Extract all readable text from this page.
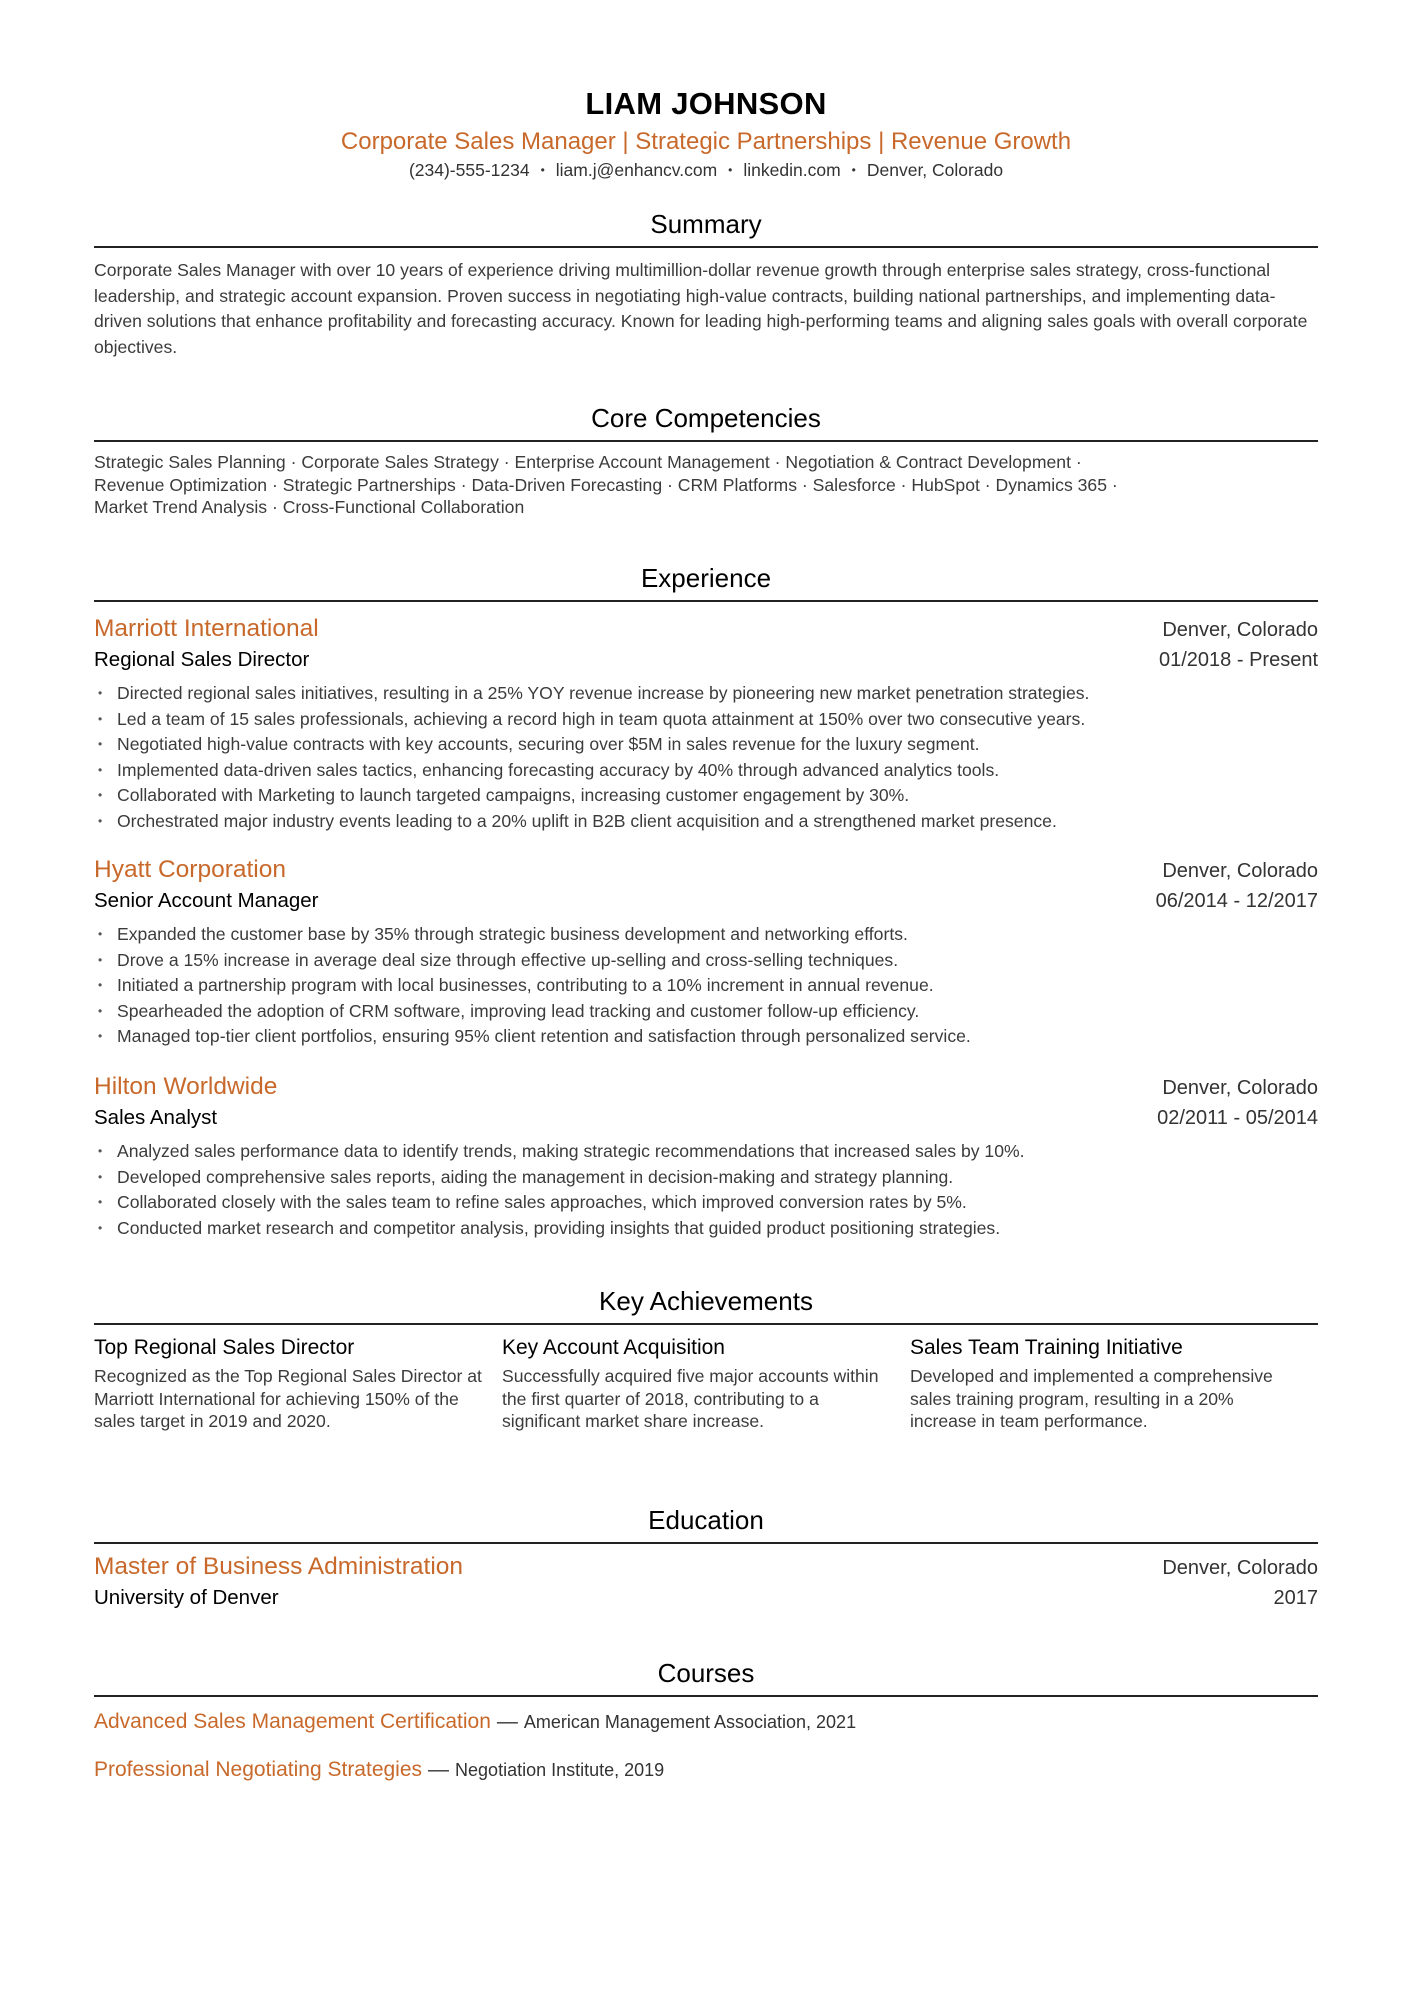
LIAM JOHNSON
Corporate Sales Manager | Strategic Partnerships | Revenue Growth
(234)-555-1234 • liam.j@enhancv.com • linkedin.com • Denver, Colorado
Summary
Corporate Sales Manager with over 10 years of experience driving multimillion-dollar revenue growth through enterprise sales strategy, cross-functional leadership, and strategic account expansion. Proven success in negotiating high-value contracts, building national partnerships, and implementing data-driven solutions that enhance profitability and forecasting accuracy. Known for leading high-performing teams and aligning sales goals with overall corporate objectives.
Core Competencies
Strategic Sales Planning · Corporate Sales Strategy · Enterprise Account Management · Negotiation & Contract Development ·
Revenue Optimization · Strategic Partnerships · Data-Driven Forecasting · CRM Platforms · Salesforce · HubSpot · Dynamics 365 ·
Market Trend Analysis · Cross-Functional Collaboration
Experience
Marriott International	Denver, Colorado
Regional Sales Director	01/2018 - Present
• Directed regional sales initiatives, resulting in a 25% YOY revenue increase by pioneering new market penetration strategies.
• Led a team of 15 sales professionals, achieving a record high in team quota attainment at 150% over two consecutive years.
• Negotiated high-value contracts with key accounts, securing over $5M in sales revenue for the luxury segment.
• Implemented data-driven sales tactics, enhancing forecasting accuracy by 40% through advanced analytics tools.
• Collaborated with Marketing to launch targeted campaigns, increasing customer engagement by 30%.
• Orchestrated major industry events leading to a 20% uplift in B2B client acquisition and a strengthened market presence.
Hyatt Corporation	Denver, Colorado
Senior Account Manager	06/2014 - 12/2017
• Expanded the customer base by 35% through strategic business development and networking efforts.
• Drove a 15% increase in average deal size through effective up-selling and cross-selling techniques.
• Initiated a partnership program with local businesses, contributing to a 10% increment in annual revenue.
• Spearheaded the adoption of CRM software, improving lead tracking and customer follow-up efficiency.
• Managed top-tier client portfolios, ensuring 95% client retention and satisfaction through personalized service.
Hilton Worldwide	Denver, Colorado
Sales Analyst	02/2011 - 05/2014
• Analyzed sales performance data to identify trends, making strategic recommendations that increased sales by 10%.
• Developed comprehensive sales reports, aiding the management in decision-making and strategy planning.
• Collaborated closely with the sales team to refine sales approaches, which improved conversion rates by 5%.
• Conducted market research and competitor analysis, providing insights that guided product positioning strategies.
Key Achievements
Top Regional Sales Director
Recognized as the Top Regional Sales Director at Marriott International for achieving 150% of the sales target in 2019 and 2020.
Key Account Acquisition
Successfully acquired five major accounts within the first quarter of 2018, contributing to a significant market share increase.
Sales Team Training Initiative
Developed and implemented a comprehensive sales training program, resulting in a 20% increase in team performance.
Education
Master of Business Administration	Denver, Colorado
University of Denver	2017
Courses
Advanced Sales Management Certification — American Management Association, 2021
Professional Negotiating Strategies — Negotiation Institute, 2019
